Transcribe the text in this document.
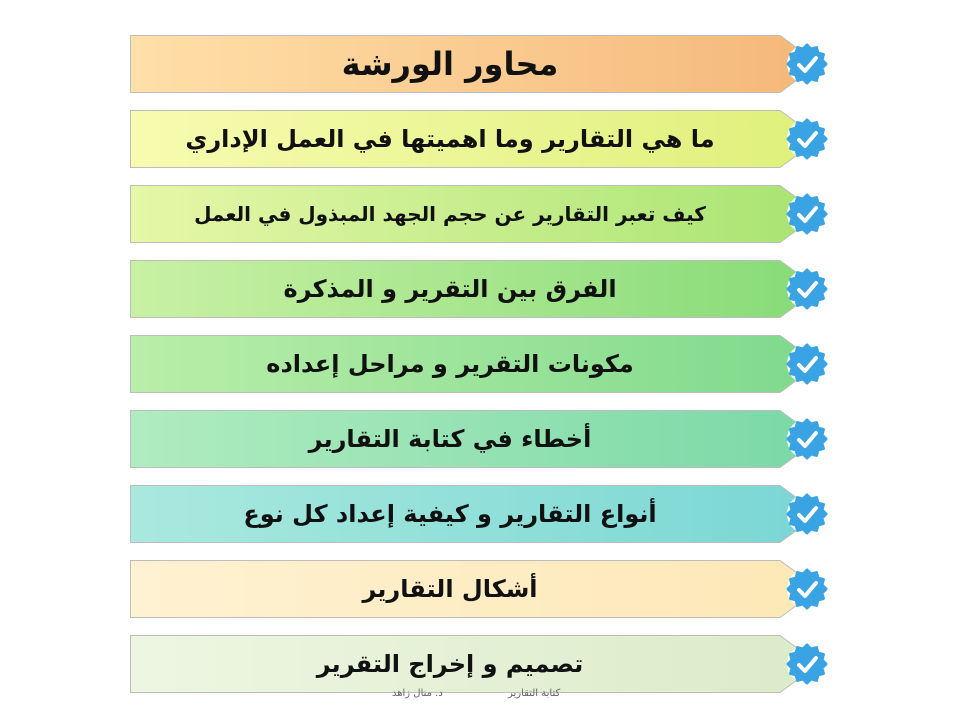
محاور الورشة
ما هي التقارير وما اهميتها في العمل الإداري
كيف تعبر التقارير عن حجم الجهد المبذول في العمل
الفرق بين التقرير و المذكرة
مكونات التقرير و مراحل إعداده
أخطاء في كتابة التقارير
أنواع التقارير و كيفية إعداد كل نوع
أشكال التقارير
تصميم و إخراج التقرير
كتابة التقارير
د. منال زاهد
